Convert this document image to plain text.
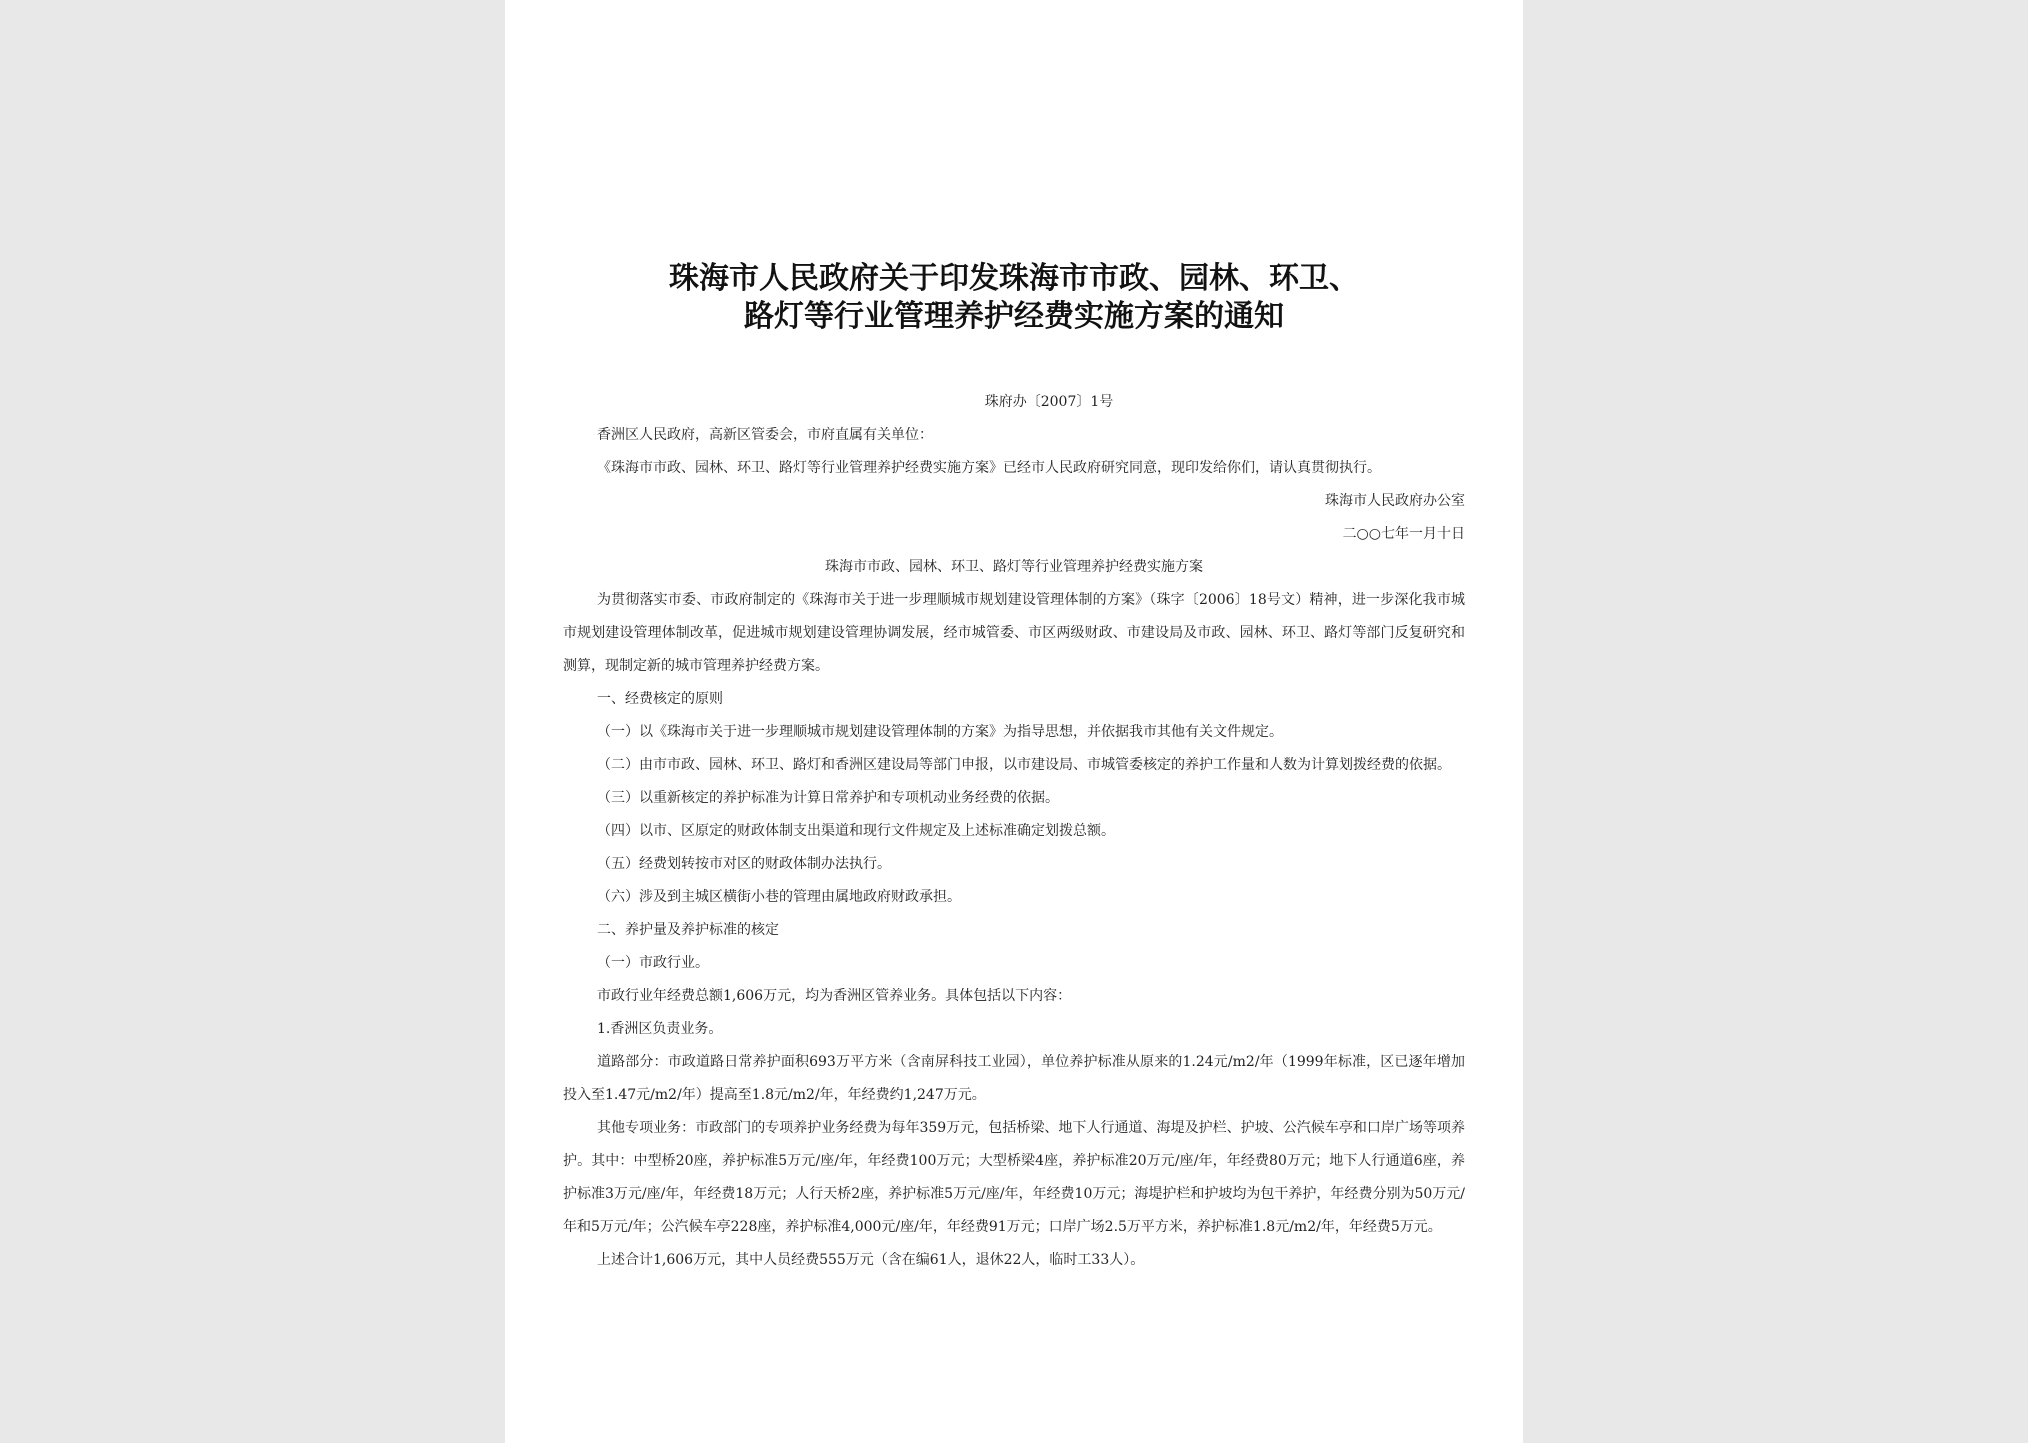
珠海市人民政府关于印发珠海市市政、园林、环卫、
路灯等行业管理养护经费实施方案的通知
珠府办〔2007〕1号
香洲区人民政府，高新区管委会，市府直属有关单位：
《珠海市市政、园林、环卫、路灯等行业管理养护经费实施方案》已经市人民政府研究同意，现印发给你们，请认真贯彻执行。
珠海市人民政府办公室
二○○七年一月十日
珠海市市政、园林、环卫、路灯等行业管理养护经费实施方案
为贯彻落实市委、市政府制定的《珠海市关于进一步理顺城市规划建设管理体制的方案》（珠字〔2006〕18号文）精神，进一步深化我市城市规划建设管理体制改革，促进城市规划建设管理协调发展，经市城管委、市区两级财政、市建设局及市政、园林、环卫、路灯等部门反复研究和测算，现制定新的城市管理养护经费方案。
一、经费核定的原则
（一）以《珠海市关于进一步理顺城市规划建设管理体制的方案》为指导思想，并依据我市其他有关文件规定。
（二）由市市政、园林、环卫、路灯和香洲区建设局等部门申报，以市建设局、市城管委核定的养护工作量和人数为计算划拨经费的依据。
（三）以重新核定的养护标准为计算日常养护和专项机动业务经费的依据。
（四）以市、区原定的财政体制支出渠道和现行文件规定及上述标准确定划拨总额。
（五）经费划转按市对区的财政体制办法执行。
（六）涉及到主城区横街小巷的管理由属地政府财政承担。
二、养护量及养护标准的核定
（一）市政行业。
市政行业年经费总额1,606万元，均为香洲区管养业务。具体包括以下内容：
1.香洲区负责业务。
道路部分：市政道路日常养护面积693万平方米（含南屏科技工业园），单位养护标准从原来的1.24元/m2/年（1999年标准，区已逐年增加投入至1.47元/m2/年）提高至1.8元/m2/年，年经费约1,247万元。
其他专项业务：市政部门的专项养护业务经费为每年359万元，包括桥梁、地下人行通道、海堤及护栏、护坡、公汽候车亭和口岸广场等项养护。其中：中型桥20座，养护标准5万元/座/年，年经费100万元；大型桥梁4座，养护标准20万元/座/年，年经费80万元；地下人行通道6座，养护标准3万元/座/年，年经费18万元；人行天桥2座，养护标准5万元/座/年，年经费10万元；海堤护栏和护坡均为包干养护，年经费分别为50万元/年和5万元/年；公汽候车亭228座，养护标准4,000元/座/年，年经费91万元；口岸广场2.5万平方米，养护标准1.8元/m2/年，年经费5万元。
上述合计1,606万元，其中人员经费555万元（含在编61人，退休22人，临时工33人）。
